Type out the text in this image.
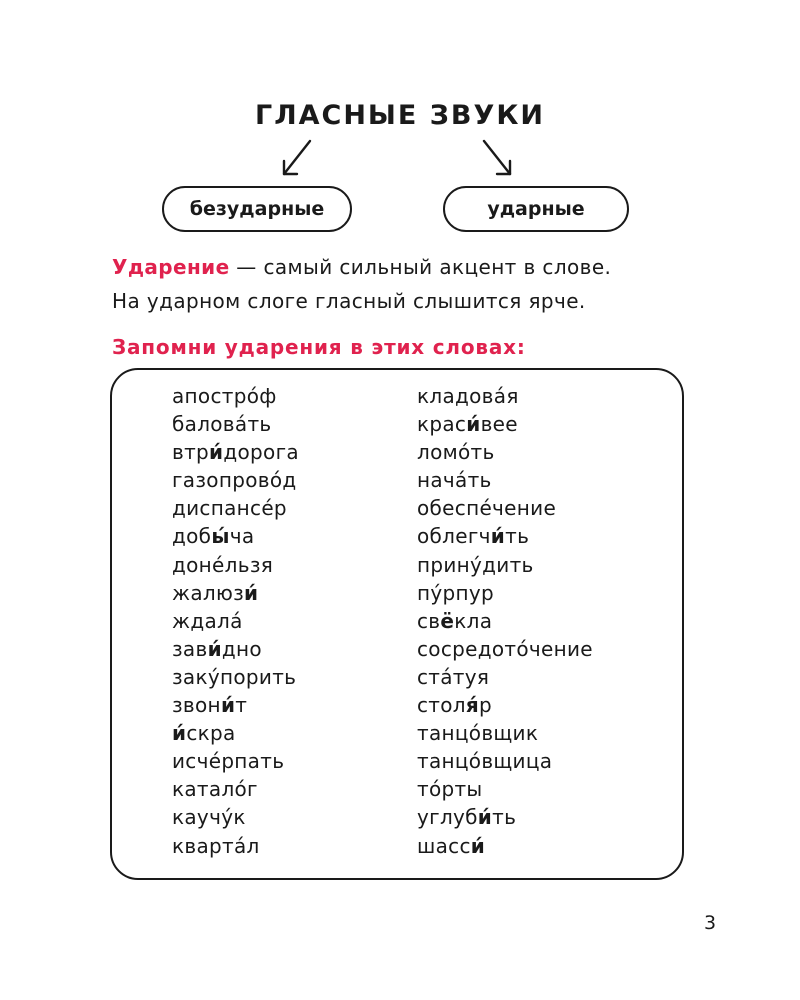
ГЛАСНЫЕ ЗВУКИ
безударные	ударные
Ударение — самый сильный акцент в слове.
На ударном слоге гласный слышится ярче.
Запомни ударения в этих словах:
апострóф
баловáть
втри́дорога
газопровóд
диспансéр
добы́ча
донéльзя
жалюзи́
ждалá
зави́дно
закýпорить
звони́т
и́скра
исчéрпать
каталóг
каучýк
квартáл
кладовáя
краси́вее
ломóть
начáть
обеспéчение
облегчи́ть
принýдить
пýрпур
свёкла
сосредотóчение
стáтуя
столя́р
танцóвщик
танцóвщица
тóрты
углуби́ть
шасси́
3
